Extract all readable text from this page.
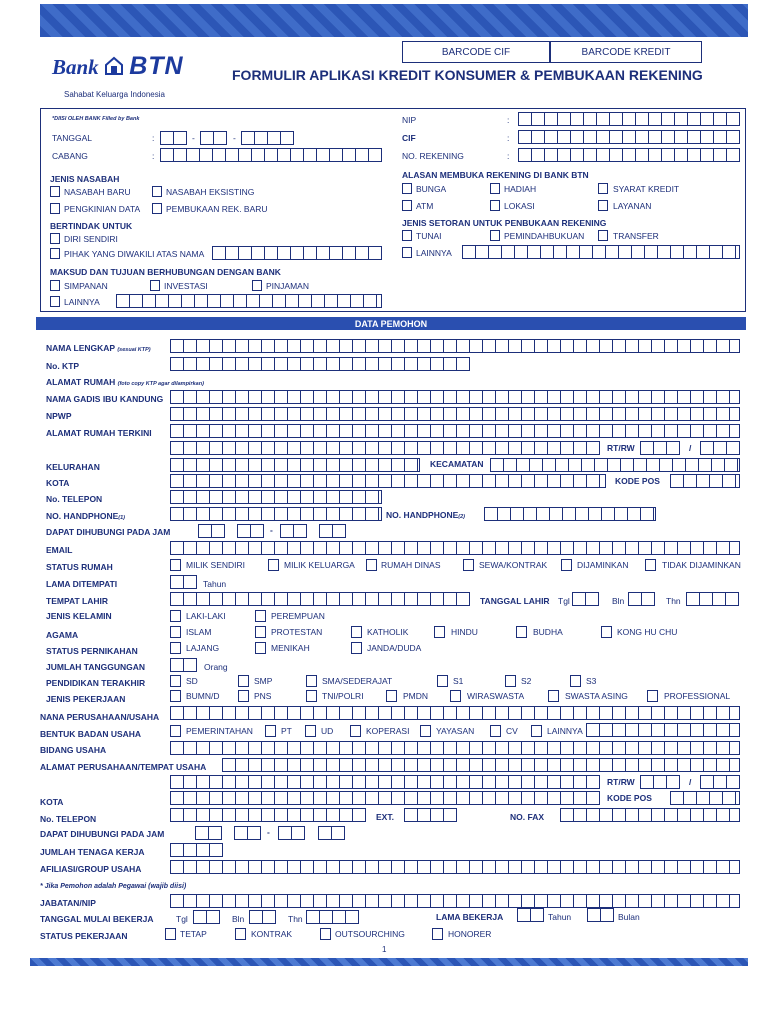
Bank BTN
Sahabat Keluarga Indonesia
BARCODE CIF	BARCODE KREDIT
FORMULIR APLIKASI KREDIT KONSUMER & PEMBUKAAN REKENING
*DIISI OLEH BANK Filled by Bank
TANGGAL	:	-	-
CABANG	:
NIP	:
CIF	:
NO. REKENING	:
JENIS NASABAH
NASABAH BARU	NASABAH EKSISTING
PENGKINIAN DATA	PEMBUKAAN REK. BARU
ALASAN MEMBUKA REKENING DI BANK BTN
BUNGA	HADIAH	SYARAT KREDIT
ATM	LOKASI	LAYANAN
BERTINDAK UNTUK
DIRI SENDIRI
PIHAK YANG DIWAKILI ATAS NAMA
JENIS SETORAN UNTUK PENBUKAAN REKENING
TUNAI	PEMINDAHBUKUAN	TRANSFER
LAINNYA
MAKSUD DAN TUJUAN BERHUBUNGAN DENGAN BANK
SIMPANAN	INVESTASI	PINJAMAN
LAINNYA
DATA PEMOHON
NAMA LENGKAP (sesuai KTP)
No. KTP
ALAMAT RUMAH (foto copy KTP agar dilampirkan)
NAMA GADIS IBU KANDUNG
NPWP
ALAMAT RUMAH TERKINI
RT/RW	/
KELURAHAN	KECAMATAN
KOTA	KODE POS
No. TELEPON
NO. HANDPHONE(1)	NO. HANDPHONE(2)
DAPAT DIHUBUNGI PADA JAM	-
EMAIL
STATUS RUMAH	MILIK SENDIRI	MILIK KELUARGA	RUMAH DINAS	SEWA/KONTRAK	DIJAMINKAN	TIDAK DIJAMINKAN
LAMA DITEMPATI	Tahun
TEMPAT LAHIR	TANGGAL LAHIR Tgl	Bln	Thn
JENIS KELAMIN	LAKI-LAKI	PEREMPUAN
AGAMA	ISLAM	PROTESTAN	KATHOLIK	HINDU	BUDHA	KONG HU CHU
STATUS PERNIKAHAN	LAJANG	MENIKAH	JANDA/DUDA
JUMLAH TANGGUNGAN	Orang
PENDIDIKAN TERAKHIR	SD	SMP	SMA/SEDERAJAT	S1	S2	S3
JENIS PEKERJAAN	BUMN/D	PNS	TNI/POLRI	PMDN	WIRASWASTA	SWASTA ASING	PROFESSIONAL
NANA PERUSAHAAN/USAHA
BENTUK BADAN USAHA	PEMERINTAHAN	PT	UD	KOPERASI	YAYASAN	CV	LAINNYA
BIDANG USAHA
ALAMAT PERUSAHAAN/TEMPAT USAHA
RT/RW	/
KOTA	KODE POS
No. TELEPON	EXT.	NO. FAX
DAPAT DIHUBUNGI PADA JAM	-
JUMLAH TENAGA KERJA
AFILIASI/GROUP USAHA
* Jika Pemohon adalah Pegawai (wajib diisi)
JABATAN/NIP
TANGGAL MULAI BEKERJA	Tgl	Bln	Thn	LAMA BEKERJA	Tahun	Bulan
STATUS PEKERJAAN	TETAP	KONTRAK	OUTSOURCHING	HONORER
1
